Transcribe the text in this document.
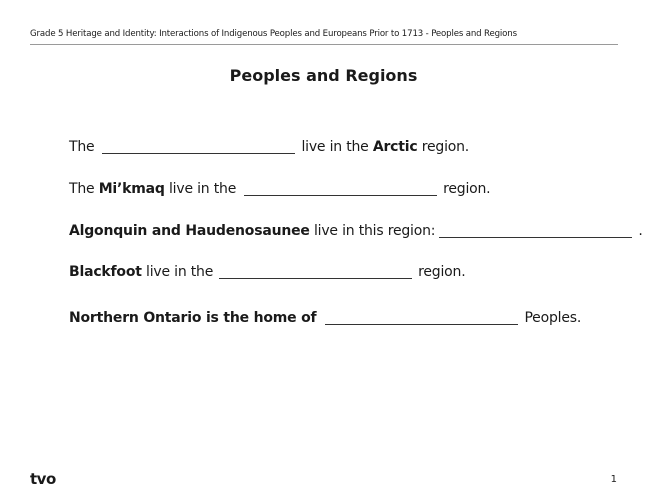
Grade 5 Heritage and Identity: Interactions of Indigenous Peoples and Europeans Prior to 1713 - Peoples and Regions
Peoples and Regions
The	live in the Arctic region.
The Mi’kmaq live in the	region.
Algonquin and Haudenosaunee live in this region:	.
Blackfoot live in the	region.
Northern Ontario is the home of	Peoples.
tvo	1
